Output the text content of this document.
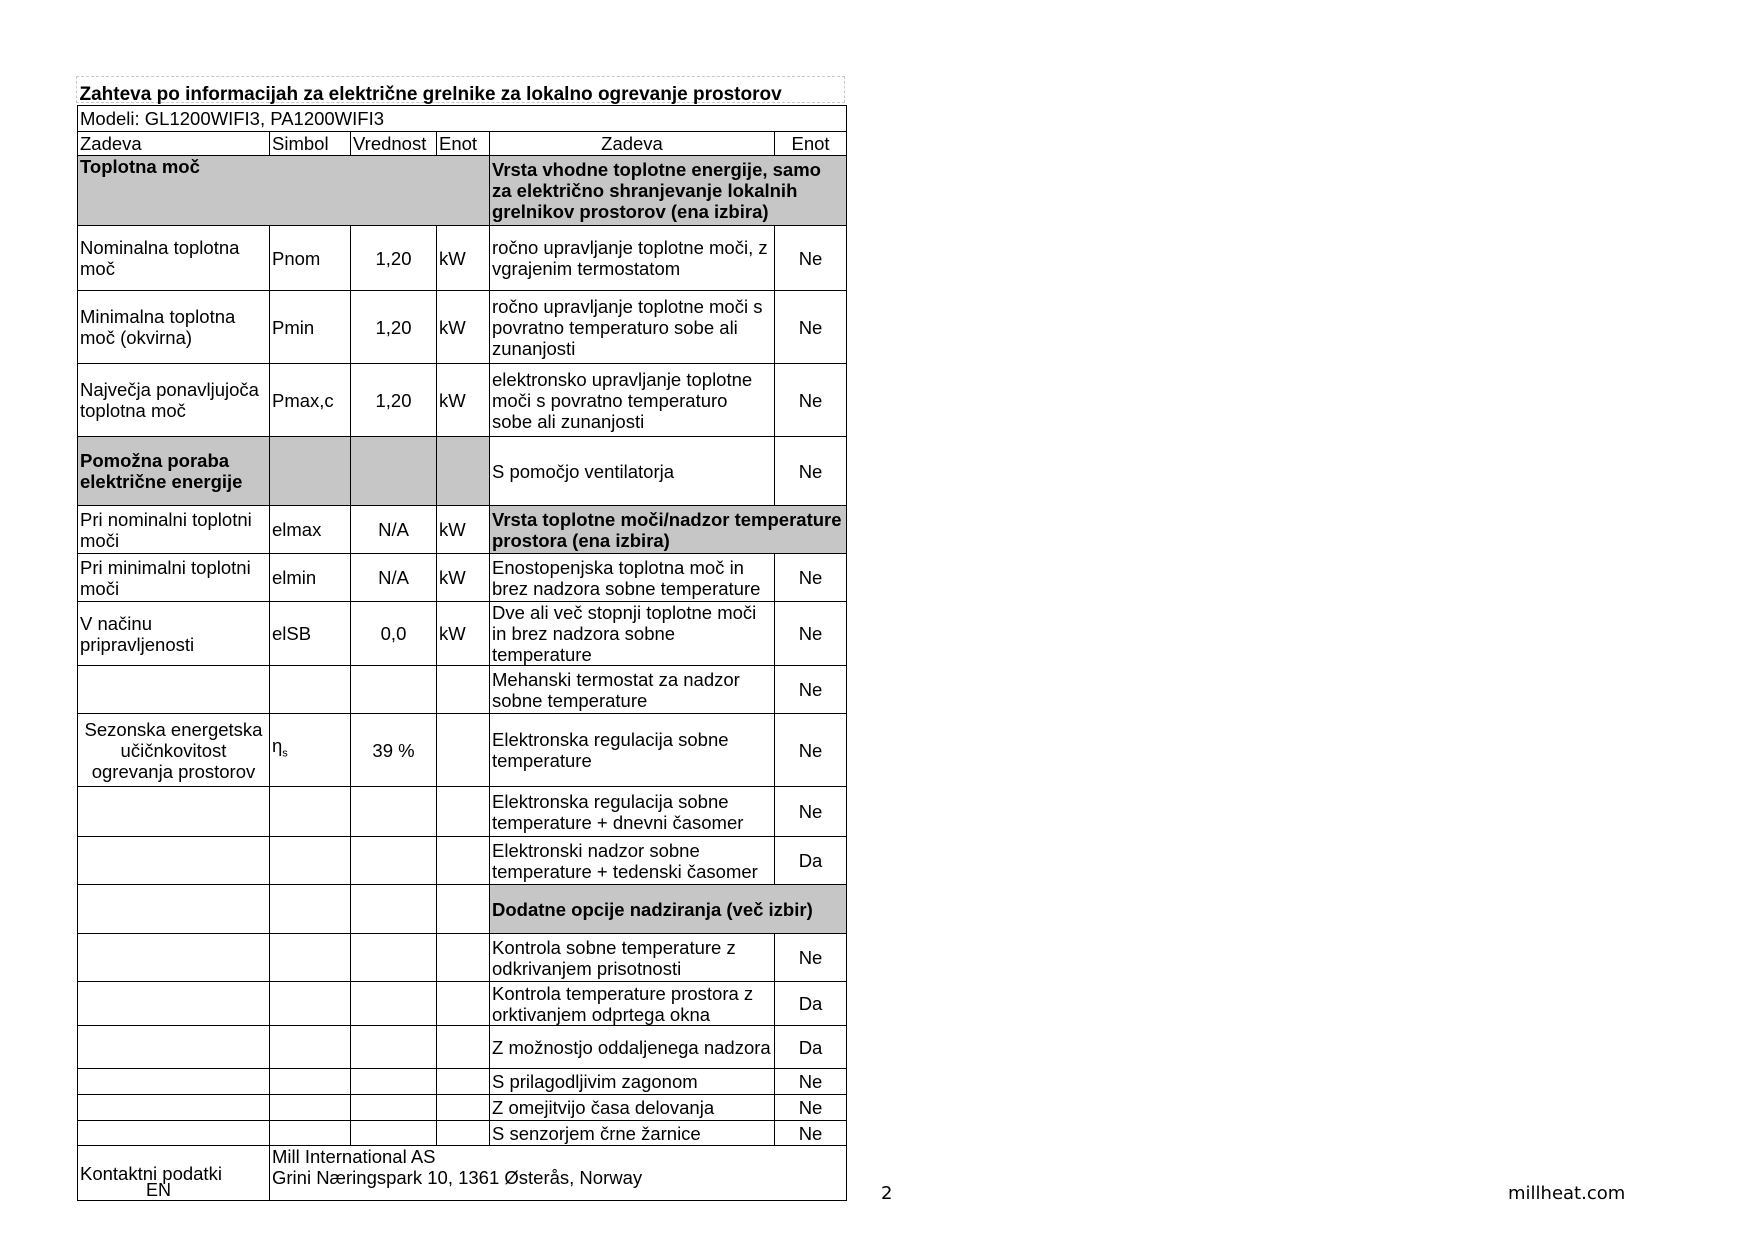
Zahteva po informacijah za električne grelnike za lokalno ogrevanje prostorov					
Modeli: GL1200WIFI3, PA1200WIFI3					
Zadeva	Simbol	Vrednost	Enot	Zadeva	Enot
Toplotna moč				Vrsta vhodne toplotne energije, samo za električno shranjevanje lokalnih grelnikov prostorov (ena izbira)	
Nominalna toplotna moč	Pnom	1,20	kW	ročno upravljanje toplotne moči, z vgrajenim termostatom	Ne
Minimalna toplotna moč (okvirna)	Pmin	1,20	kW	ročno upravljanje toplotne moči s povratno temperaturo sobe ali zunanjosti	Ne
Največja ponavljujoča toplotna moč	Pmax,c	1,20	kW	elektronsko upravljanje toplotne moči s povratno temperaturo sobe ali zunanjosti	Ne
Pomožna poraba električne energije				S pomočjo ventilatorja	Ne
Pri nominalni toplotni moči	elmax	N/A	kW	Vrsta toplotne moči/nadzor temperature prostora (ena izbira)	
Pri minimalni toplotni moči	elmin	N/A	kW	Enostopenjska toplotna moč in brez nadzora sobne temperature	Ne
V načinu pripravljenosti	elSB	0,0	kW	Dve ali več stopnji toplotne moči in brez nadzora sobne temperature	Ne
				Mehanski termostat za nadzor sobne temperature	Ne
Sezonska energetska učičnkovitost ogrevanja prostorov	$\eta_s$	39 %		Elektronska regulacija sobne temperature	Ne
				Elektronska regulacija sobne temperature + dnevni časomer	Ne
				Elektronski nadzor sobne temperature + tedenski časomer	Da
				Dodatne opcije nadziranja (več izbir)	
				Kontrola sobne temperature z odkrivanjem prisotnosti	Ne
				Kontrola temperature prostora z orktivanjem odprtega okna	Da
				Z možnostjo oddaljenega nadzora	Da
				S prilagodljivim zagonom	Ne
				Z omejitvijo časa delovanja	Ne
				S senzorjem črne žarnice	Ne
Kontaktni podatki	Mill International AS
Grini Næringspark 10, 1361 Østerås, Norway				
EN	2	millheat.com
